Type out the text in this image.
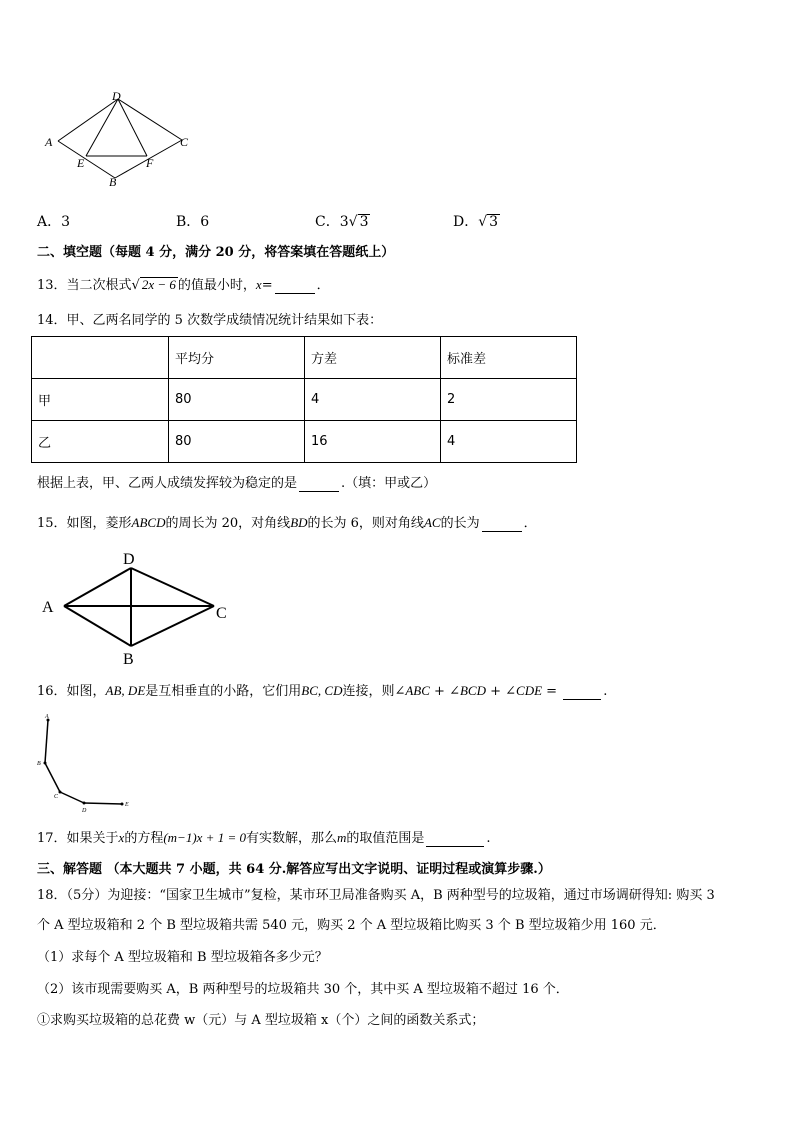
D
A	C
E	F
B
A．3	B．6	C．3√ 3	D．√ 3
二、填空题（每题 4 分，满分 20 分，将答案填在答题纸上）
13．当二次根式√ 2x − 6 的值最小时，x=	．
14．甲、乙两名同学的 5 次数学成绩情况统计结果如下表：
	平均分	方差	标准差
甲	80	4	2
乙	80	16	4
根据上表，甲、乙两人成绩发挥较为稳定的是	.（填：甲或乙）
15．如图，菱形ABCD的周长为 20，对角线BD的长为 6，则对角线AC的长为	．
D
A	C
B
16．如图，AB, DE是互相垂直的小路，它们用BC, CD连接，则∠ABC + ∠BCD + ∠CDE =	.
A
B
C
D
E
17．如果关于x的方程(m−1)x + 1 = 0有实数解，那么m的取值范围是	.
三、解答题 （本大题共 7 小题，共 64 分.解答应写出文字说明、证明过程或演算步骤.）
18．（5分）为迎接：“国家卫生城市”复检，某市环卫局准备购买 A，B 两种型号的垃圾箱，通过市场调研得知: 购买 3
个 A 型垃圾箱和 2 个 B 型垃圾箱共需 540 元，购买 2 个 A 型垃圾箱比购买 3 个 B 型垃圾箱少用 160 元．
（1）求每个 A 型垃圾箱和 B 型垃圾箱各多少元？
（2）该市现需要购买 A，B 两种型号的垃圾箱共 30 个，其中买 A 型垃圾箱不超过 16 个．
①求购买垃圾箱的总花费 w（元）与 A 型垃圾箱 x（个）之间的函数关系式；
